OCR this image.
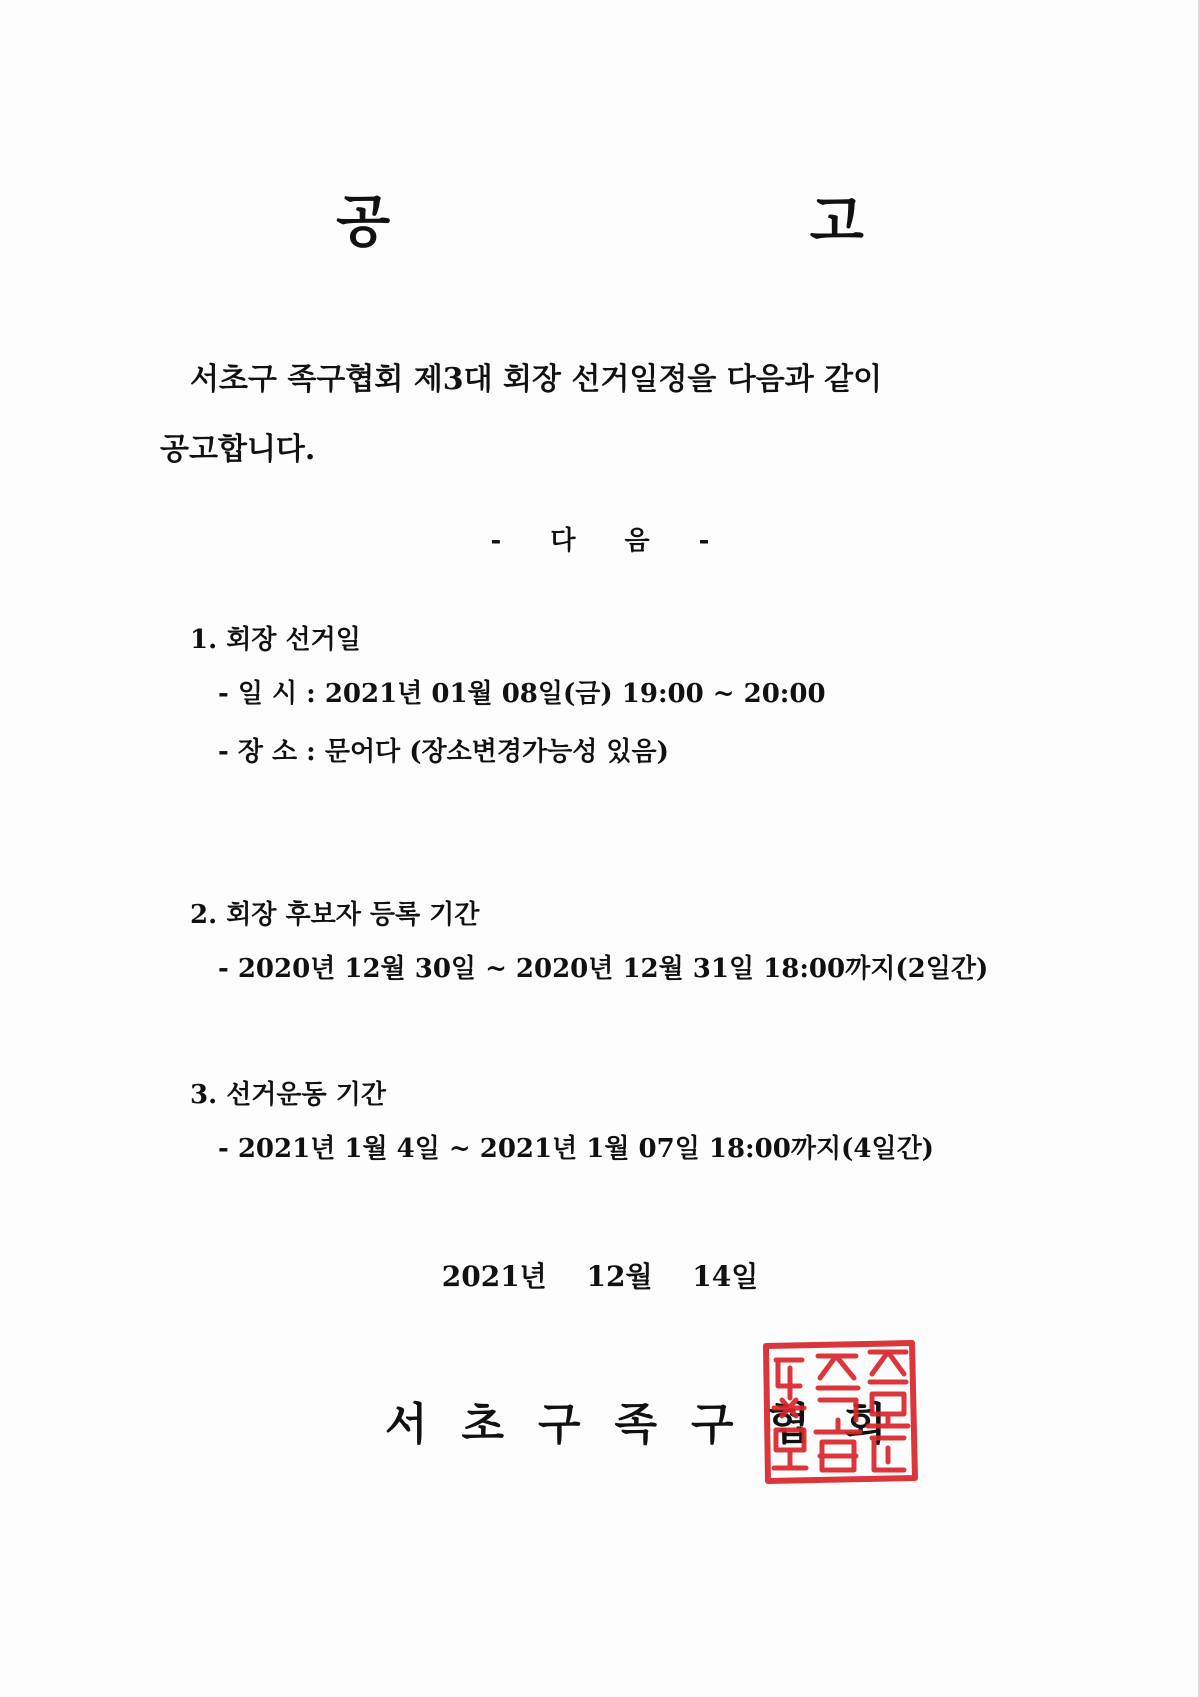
공 고
서초구 족구협회 제3대 회장 선거일정을 다음과 같이
공고합니다.
- 다 음 -
1. 회장 선거일
- 일 시 : 2021년 01월 08일(금) 19:00 ~ 20:00
- 장 소 : 문어다 (장소변경가능성 있음)
2. 회장 후보자 등록 기간
- 2020년 12월 30일 ~ 2020년 12월 31일 18:00까지(2일간)
3. 선거운동 기간
- 2021년 1월 4일 ~ 2021년 1월 07일 18:00까지(4일간)
2021년 12월 14일
서초구족구협회
